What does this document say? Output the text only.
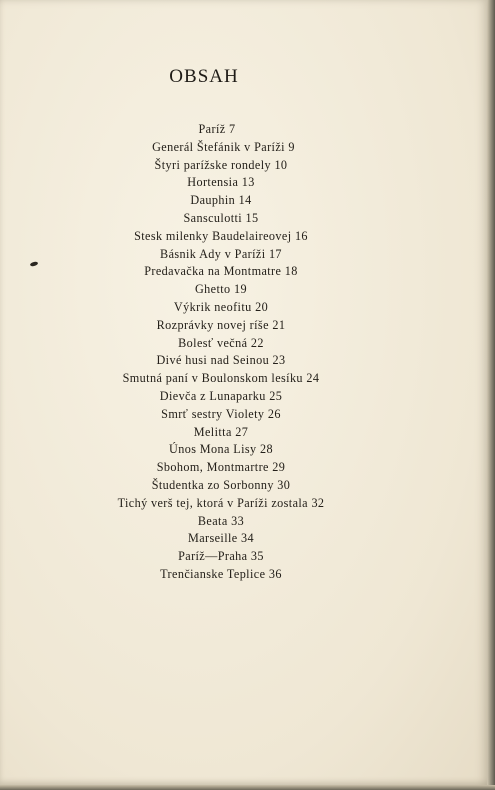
OBSAH
Paríž 7
Generál Štefánik v Paríži 9
Štyri parížske rondely 10
Hortensia 13
Dauphin 14
Sansculotti 15
Stesk milenky Baudelaireovej 16
Básnik Ady v Paríži 17
Predavačka na Montmatre 18
Ghetto 19
Výkrik neofitu 20
Rozprávky novej ríše 21
Bolesť večná 22
Divé husi nad Seinou 23
Smutná paní v Boulonskom lesíku 24
Dievča z Lunaparku 25
Smrť sestry Violety 26
Melitta 27
Únos Mona Lisy 28
Sbohom, Montmartre 29
Študentka zo Sorbonny 30
Tichý verš tej, ktorá v Paríži zostala 32
Beata 33
Marseille 34
Paríž—Praha 35
Trenčianske Teplice 36
